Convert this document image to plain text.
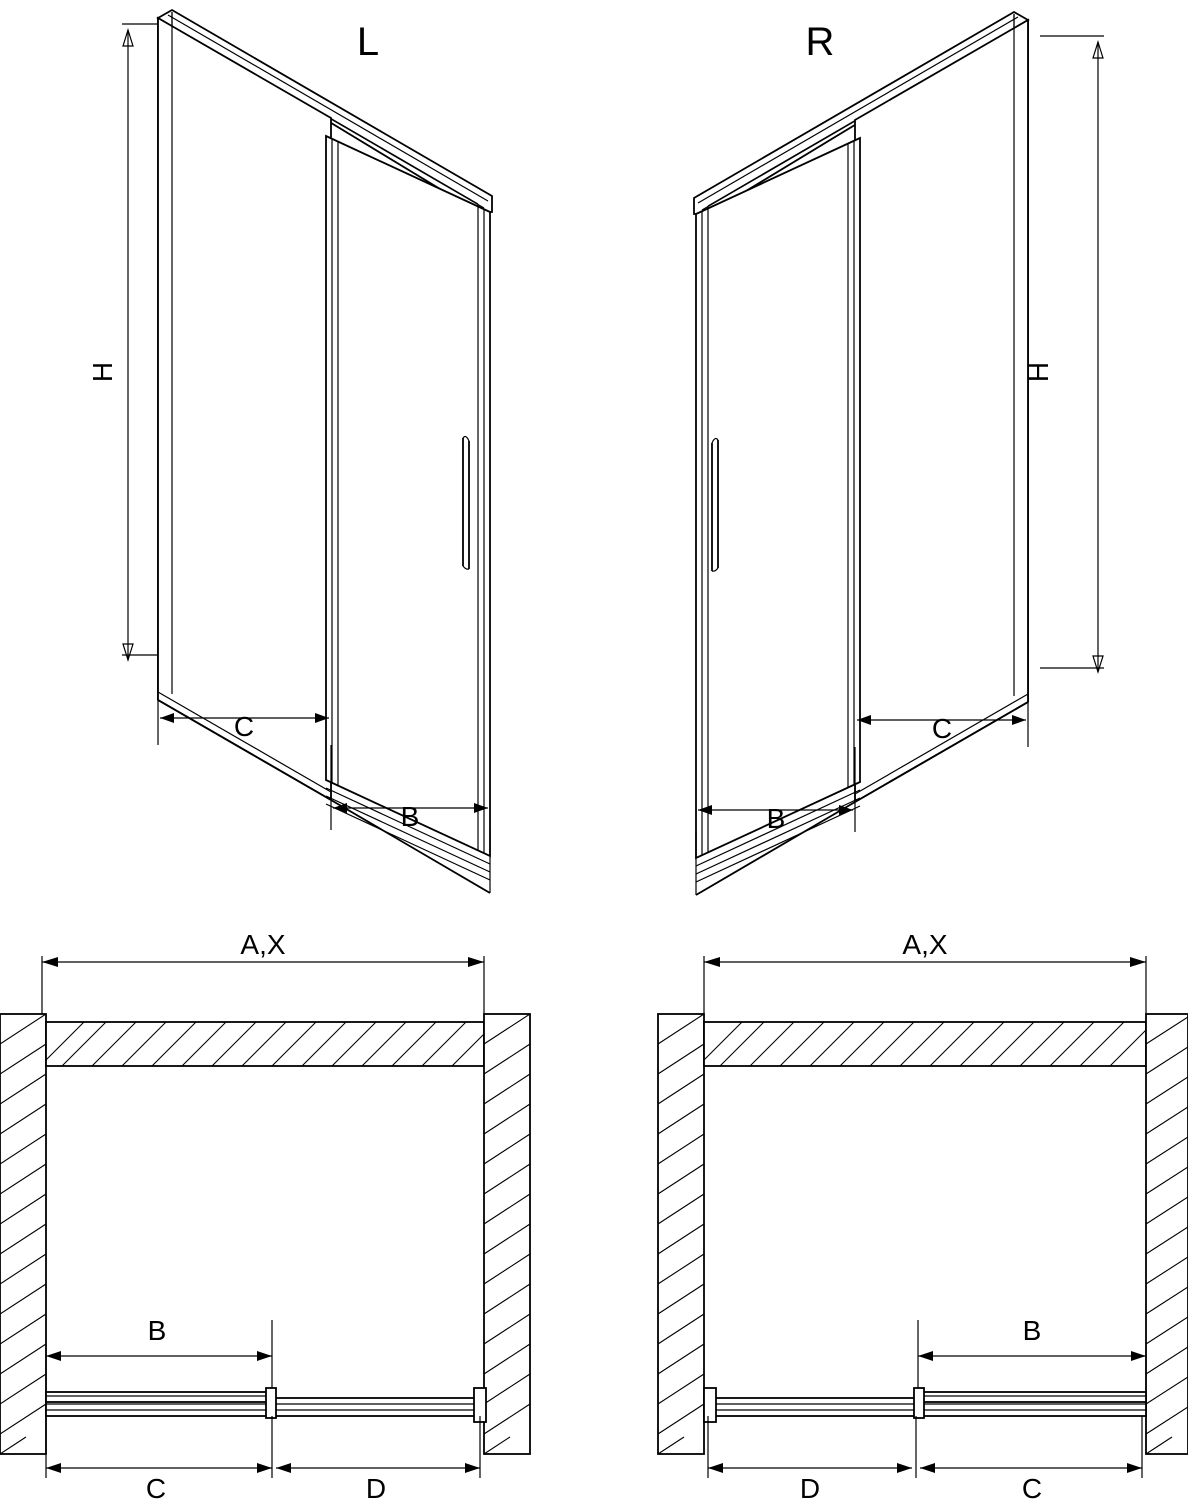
C
B
H
L
C
B
H
R
A,X
B
C	D
A,X
B
D	C
